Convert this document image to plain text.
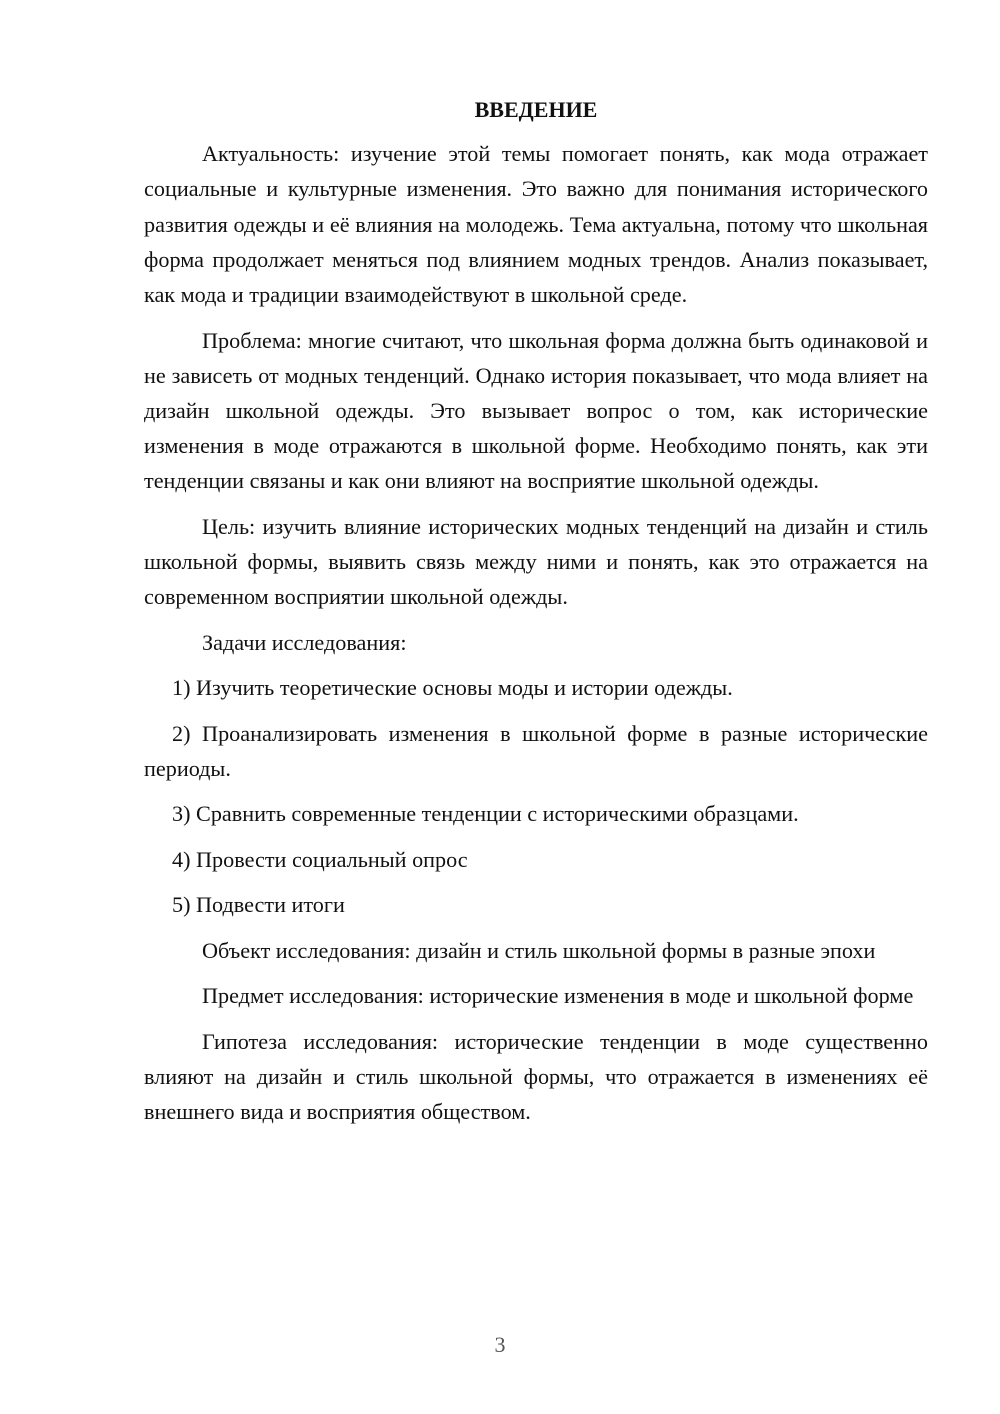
ВВЕДЕНИЕ

Актуальность: изучение этой темы помогает понять, как мода отражает социальные и культурные изменения. Это важно для понимания исторического развития одежды и её влияния на молодежь. Тема актуальна, потому что школьная форма продолжает меняться под влиянием модных трендов. Анализ показывает, как мода и традиции взаимодействуют в школьной среде.

Проблема: многие считают, что школьная форма должна быть одинаковой и не зависеть от модных тенденций. Однако история показывает, что мода влияет на дизайн школьной одежды. Это вызывает вопрос о том, как исторические изменения в моде отражаются в школьной форме. Необходимо понять, как эти тенденции связаны и как они влияют на восприятие школьной одежды.

Цель: изучить влияние исторических модных тенденций на дизайн и стиль школьной формы, выявить связь между ними и понять, как это отражается на современном восприятии школьной одежды.

Задачи исследования:

1) Изучить теоретические основы моды и истории одежды.

2) Проанализировать изменения в школьной форме в разные исторические периоды.

3) Сравнить современные тенденции с историческими образцами.

4) Провести социальный опрос

5) Подвести итоги

Объект исследования: дизайн и стиль школьной формы в разные эпохи

Предмет исследования: исторические изменения в моде и школьной форме

Гипотеза исследования: исторические тенденции в моде существенно влияют на дизайн и стиль школьной формы, что отражается в изменениях её внешнего вида и восприятия обществом.

3
